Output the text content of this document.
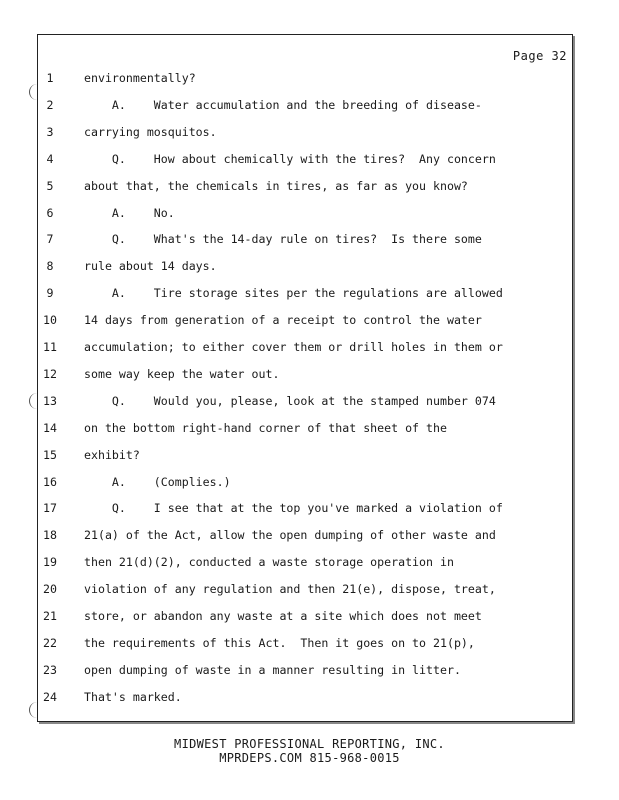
Page 32
1	environmentally?
2	A.    Water accumulation and the breeding of disease-
3	carrying mosquitos.
4	Q.    How about chemically with the tires?  Any concern
5	about that, the chemicals in tires, as far as you know?
6	A.    No.
7	Q.    What's the 14-day rule on tires?  Is there some
8	rule about 14 days.
9	A.    Tire storage sites per the regulations are allowed
10	14 days from generation of a receipt to control the water
11	accumulation; to either cover them or drill holes in them or
12	some way keep the water out.
13	Q.    Would you, please, look at the stamped number 074
14	on the bottom right-hand corner of that sheet of the
15	exhibit?
16	A.    (Complies.)
17	Q.    I see that at the top you've marked a violation of
18	21(a) of the Act, allow the open dumping of other waste and
19	then 21(d)(2), conducted a waste storage operation in
20	violation of any regulation and then 21(e), dispose, treat,
21	store, or abandon any waste at a site which does not meet
22	the requirements of this Act.  Then it goes on to 21(p),
23	open dumping of waste in a manner resulting in litter.
24	That's marked.
MIDWEST PROFESSIONAL REPORTING, INC.
MPRDEPS.COM 815-968-0015
